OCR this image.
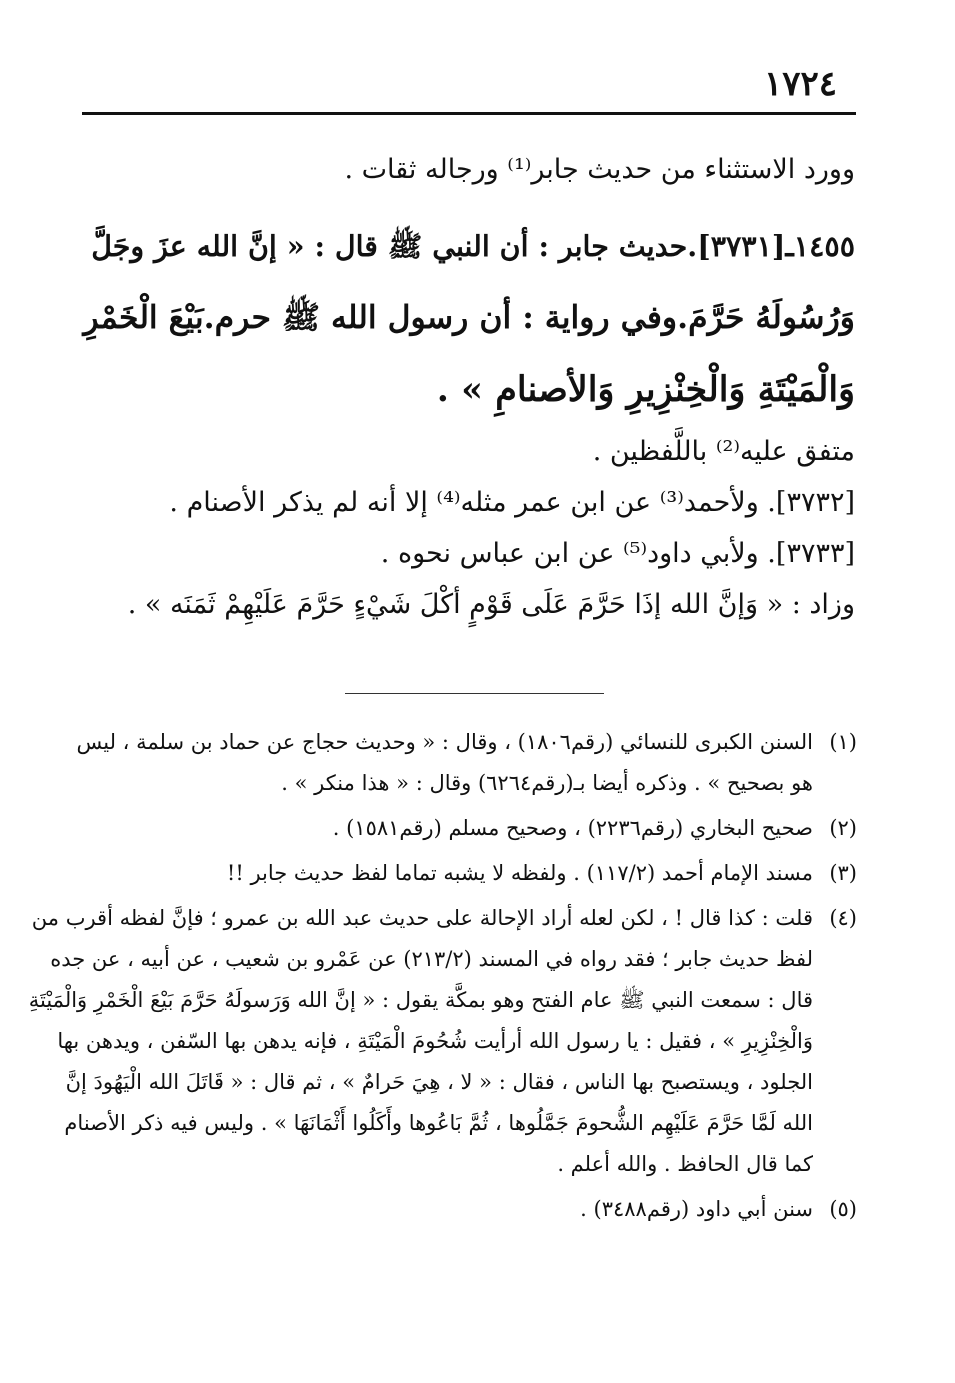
١٧٢٤
وورد الاستثناء من حديث جابر⁽¹⁾ ورجاله ثقات .
١٤٥٥ـ[٣٧٣١].حديث جابر : أن النبي ﷺ قال : « إنَّ الله عزَ وجَلَّ
وَرُسُولَهُ حَرَّمَ.وفي رواية : أن رسول الله ﷺ حرم.بَيْعَ الْخَمْرِ
وَالْمَيْتَةِ وَالْخِنْزِيرِ وَالأصنامِ » .
متفق عليه⁽²⁾ باللَّفظين .
[٣٧٣٢]. ولأحمد⁽³⁾ عن ابن عمر مثله⁽⁴⁾ إلا أنه لم يذكر الأصنام .
[٣٧٣٣]. ولأبي داود⁽⁵⁾ عن ابن عباس نحوه .
وزاد : « وَإنَّ الله إذَا حَرَّمَ عَلَى قَوْمٍ أكْلَ شَيْءٍ حَرَّمَ عَلَيْهِمْ ثَمَنَه » .
(١)
السنن الكبرى للنسائي (رقم١٨٠٦) ، وقال : « وحديث حجاج عن حماد بن سلمة ، ليس
هو بصحيح » . وذكره أيضا بـ(رقم٦٢٦٤) وقال : « هذا منكر » .
(٢)
صحيح البخاري (رقم٢٢٣٦) ، وصحيح مسلم (رقم١٥٨١) .
(٣)
مسند الإمام أحمد (١١٧/٢) . ولفظه لا يشبه تماما لفظ حديث جابر !!
(٤)
قلت : كذا قال ! ، لكن لعله أراد الإحالة على حديث عبد الله بن عمرو ؛ فإنَّ لفظه أقرب من
لفظ حديث جابر ؛ فقد رواه في المسند (٢١٣/٢) عن عَمْرو بن شعيب ، عن أبيه ، عن جده
قال : سمعت النبي ﷺ عام الفتح وهو بمكَّة يقول : « إنَّ الله وَرَسولَهُ حَرَّمَ بَيْعَ الْخَمْرِ وَالْمَيْتَةِ
وَالْخِنْزِيرِ » ، فقيل : يا رسول الله أرأيت شُحُومَ الْمَيْتَةِ ، فإنه يدهن بها السّفن ، ويدهن بها
الجلود ، ويستصبح بها الناس ، فقال : « لا ، هِيَ حَرامٌ » ، ثم قال : « قَاتَلَ الله الْيَهُودَ إنَّ
الله لَمَّا حَرَّمَ عَلَيْهِم الشُّحومَ جَمَّلُوها ، ثُمَّ بَاعُوها وأَكَلُوا أَثْمَانَهَا » . وليس فيه ذكر الأصنام
كما قال الحافظ . والله أعلم .
(٥)
سنن أبي داود (رقم٣٤٨٨) .
